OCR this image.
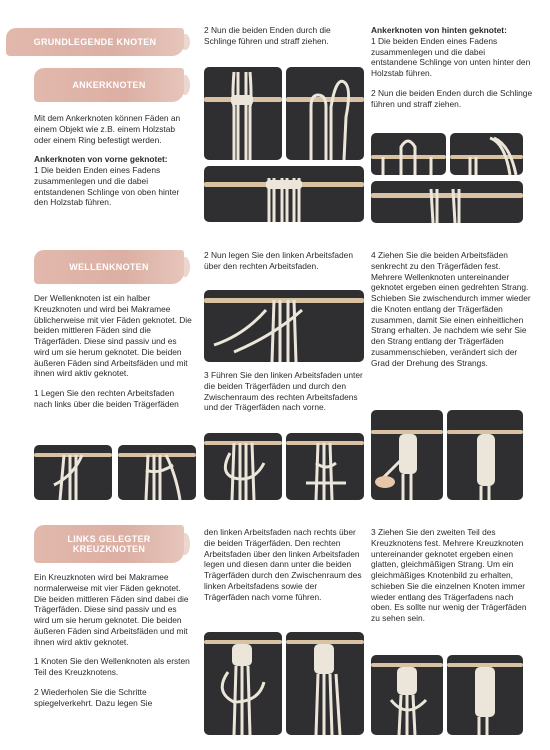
GRUNDLEGENDE KNOTEN
ANKERKNOTEN
WELLENKNOTEN
LINKS GELEGTER
KREUZKNOTEN

Mit dem Ankerknoten können Fäden an einem Objekt wie z.B. einem Holzstab oder einem Ring befestigt werden.

Ankerknoten von vorne geknotet:

1 Die beiden Enden eines Fadens zusammenlegen und die dabei entstandenen Schlinge von oben hinter den Holzstab führen.

Der Wellenknoten ist ein halber Kreuzknoten und wird bei Makramee üblicherweise mit vier Fäden geknotet. Die beiden mittleren Fäden sind die Trägerfäden. Diese sind passiv und es wird um sie herum geknotet. Die beiden äußeren Fäden sind Arbeitsfäden und mit ihnen wird aktiv geknotet.

1 Legen Sie den rechten Arbeitsfaden nach links über die beiden Trägerfäden

Ein Kreuzknoten wird bei Makramee normalerweise mit vier Fäden geknotet. Die beiden mittleren Fäden sind dabei die Trägerfäden. Diese sind passiv und es wird um sie herum geknotet. Die beiden äußeren Fäden sind Arbeitsfäden und mit ihnen wird aktiv geknotet.

1 Knoten Sie den Wellenknoten als ersten Teil des Kreuzknotens.

2 Wiederholen Sie die Schritte spiegelverkehrt. Dazu legen Sie

2 Nun die beiden Enden durch die Schlinge führen und straff ziehen.

2 Nun legen Sie den linken Arbeitsfaden über den rechten Arbeitsfaden.

3 Führen Sie den linken Arbeitsfaden unter die beiden Trägerfäden und durch den Zwischenraum des rechten Arbeitsfadens und der Trägerfäden nach vorne.

den linken Arbeitsfaden nach rechts über die beiden Trägerfäden. Den rechten Arbeitsfaden über den linken Arbeitsfaden legen und diesen dann unter die beiden Trägerfäden durch den Zwischenraum des linken Arbeitsfadens sowie der Trägerfäden nach vorne führen.

Ankerknoten von hinten geknotet:

1 Die beiden Enden eines Fadens zusammenlegen und die dabei entstandene Schlinge von unten hinter den Holzstab führen.

2 Nun die beiden Enden durch die Schlinge führen und straff ziehen.

4 Ziehen Sie die beiden Arbeitsfäden senkrecht zu den Trägerfäden fest. Mehrere Wellenknoten untereinander geknotet ergeben einen gedrehten Strang. Schieben Sie zwischendurch immer wieder die Knoten entlang der Trägerfäden zusammen, damit Sie einen einheitlichen Strang erhalten. Je nachdem wie sehr Sie den Strang entlang der Trägerfäden zusammenschieben, verändert sich der Grad der Drehung des Strangs.

3 Ziehen Sie den zweiten Teil des Kreuzknotens fest. Mehrere Kreuzknoten untereinander geknotet ergeben einen glatten, gleichmäßigen Strang. Um ein gleichmäßiges Knotenbild zu erhalten, schieben Sie die einzelnen Knoten immer wieder entlang des Trägerfadens nach oben. Es sollte nur wenig der Trägerfäden zu sehen sein.
